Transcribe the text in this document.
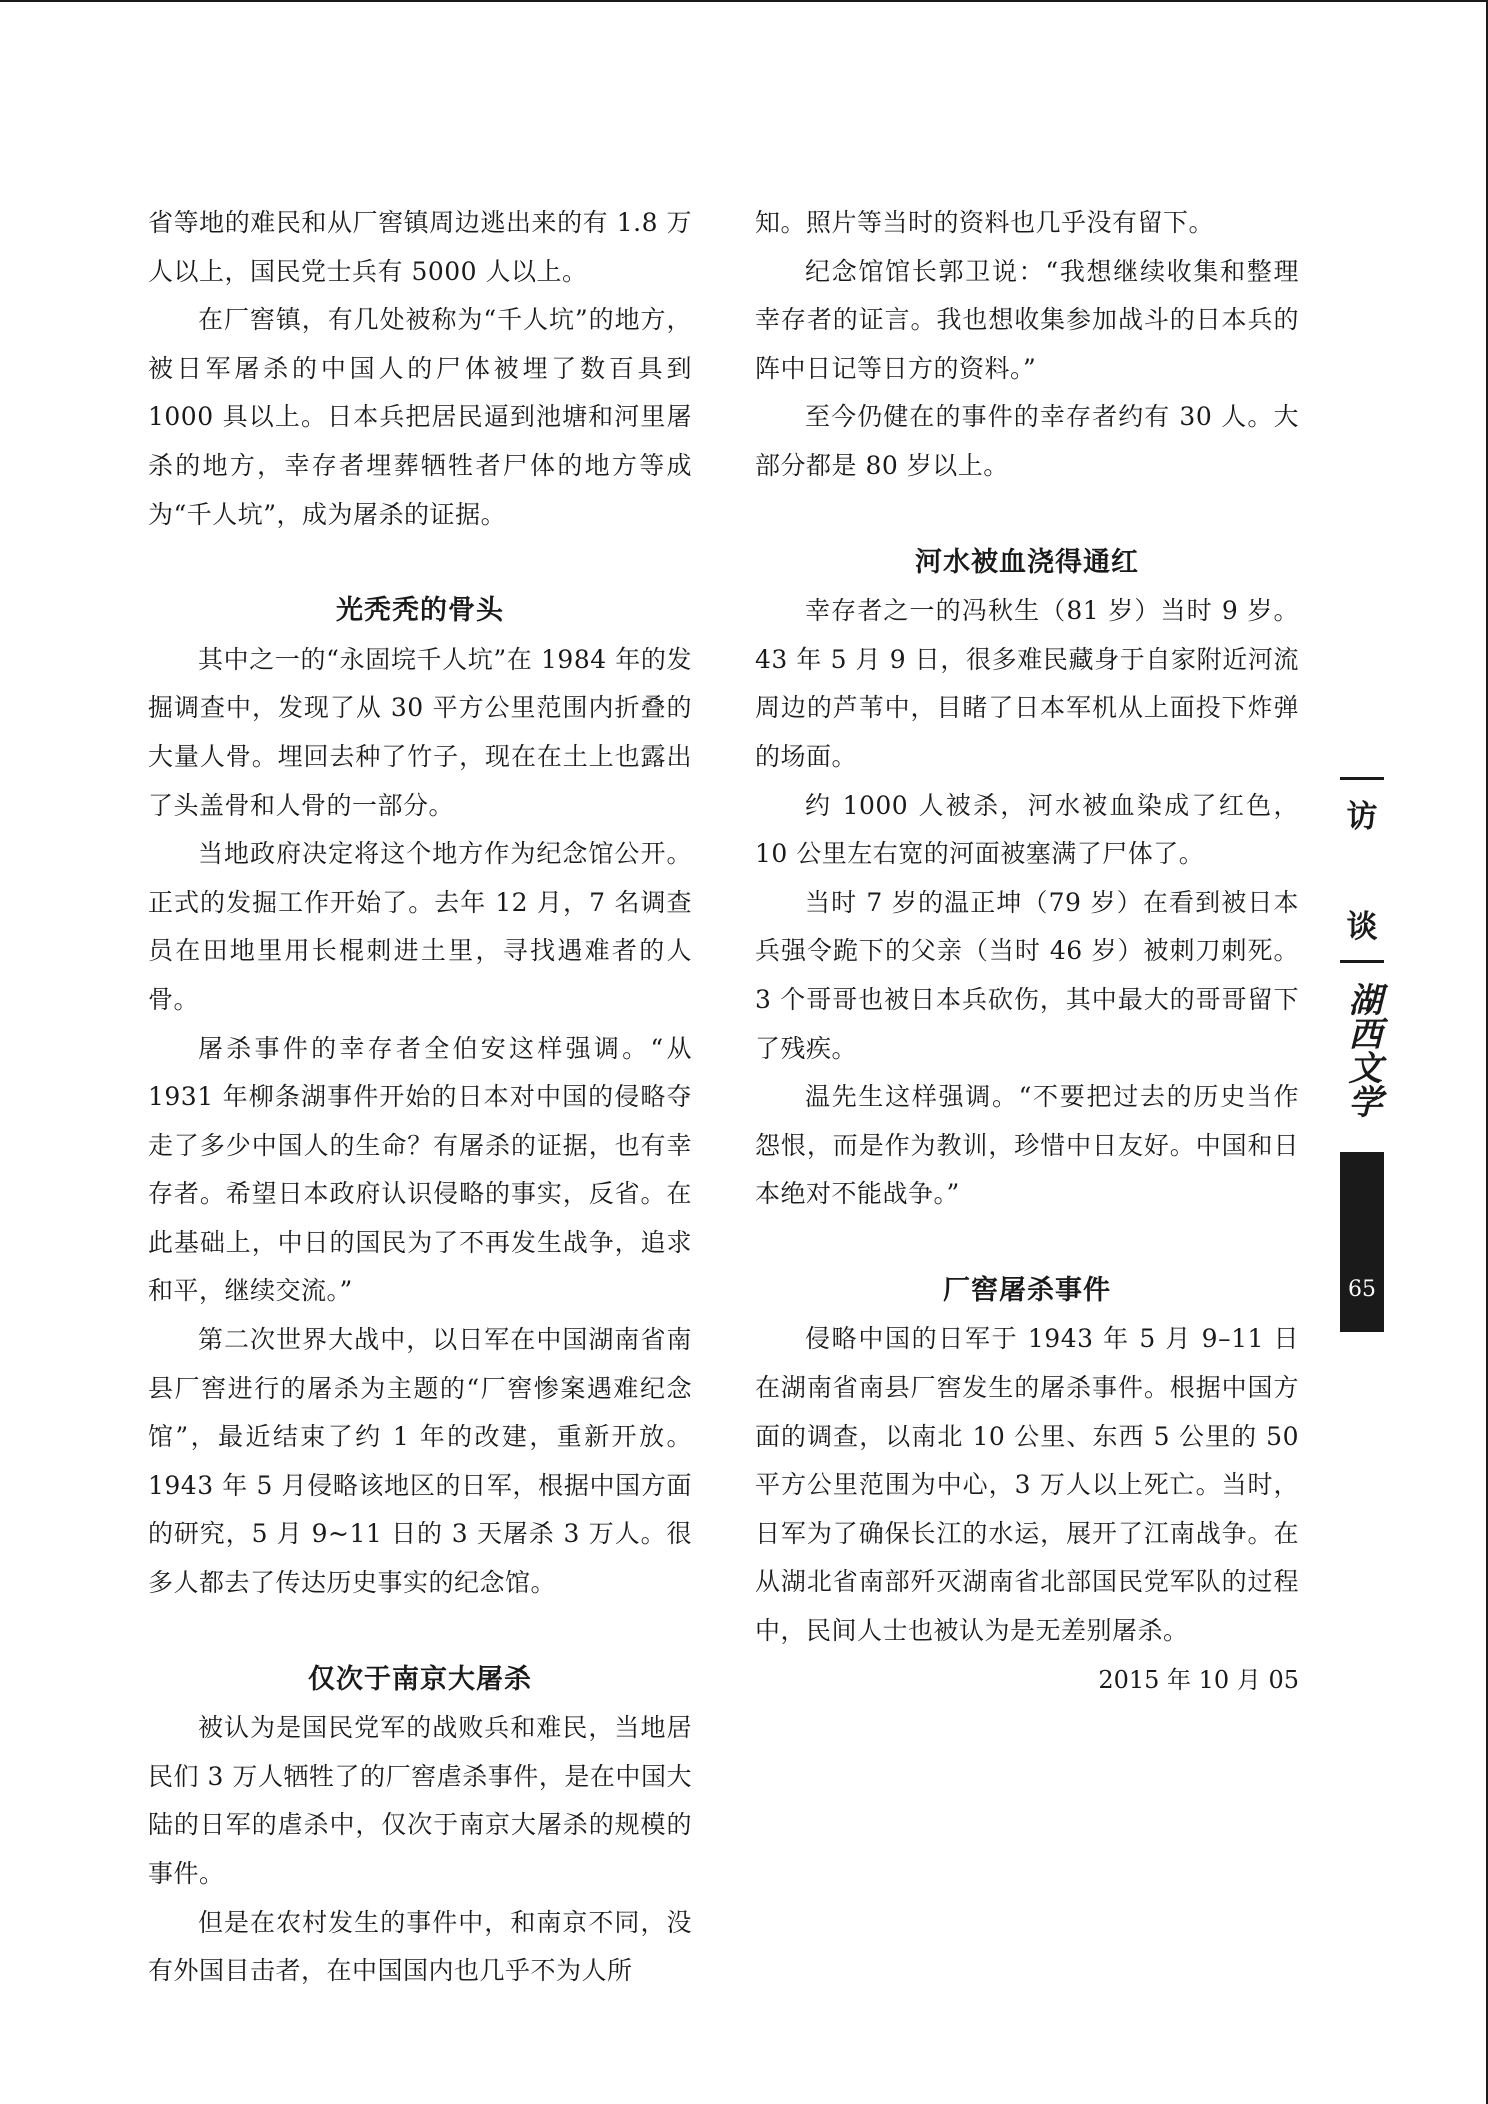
省等地的难民和从厂窖镇周边逃出来的有 1.8 万人以上，国民党士兵有 5000 人以上。

在厂窖镇，有几处被称为“千人坑”的地方，被日军屠杀的中国人的尸体被埋了数百具到 1000 具以上。日本兵把居民逼到池塘和河里屠杀的地方，幸存者埋葬牺牲者尸体的地方等成为“千人坑”，成为屠杀的证据。

光秃秃的骨头

其中之一的“永固垸千人坑”在 1984 年的发掘调查中，发现了从 30 平方公里范围内折叠的大量人骨。埋回去种了竹子，现在在土上也露出了头盖骨和人骨的一部分。

当地政府决定将这个地方作为纪念馆公开。正式的发掘工作开始了。去年 12 月，7 名调查员在田地里用长棍刺进土里，寻找遇难者的人骨。

屠杀事件的幸存者全伯安这样强调。“从 1931 年柳条湖事件开始的日本对中国的侵略夺走了多少中国人的生命？有屠杀的证据，也有幸存者。希望日本政府认识侵略的事实，反省。在此基础上，中日的国民为了不再发生战争，追求和平，继续交流。”

第二次世界大战中，以日军在中国湖南省南县厂窖进行的屠杀为主题的“厂窖惨案遇难纪念馆”，最近结束了约 1 年的改建，重新开放。1943 年 5 月侵略该地区的日军，根据中国方面的研究，5 月 9~11 日的 3 天屠杀 3 万人。很多人都去了传达历史事实的纪念馆。

仅次于南京大屠杀

被认为是国民党军的战败兵和难民，当地居民们 3 万人牺牲了的厂窖虐杀事件，是在中国大陆的日军的虐杀中，仅次于南京大屠杀的规模的事件。

但是在农村发生的事件中，和南京不同，没有外国目击者，在中国国内也几乎不为人所

知。照片等当时的资料也几乎没有留下。

纪念馆馆长郭卫说：“我想继续收集和整理幸存者的证言。我也想收集参加战斗的日本兵的阵中日记等日方的资料。”

至今仍健在的事件的幸存者约有 30 人。大部分都是 80 岁以上。

河水被血浇得通红

幸存者之一的冯秋生（81 岁）当时 9 岁。43 年 5 月 9 日，很多难民藏身于自家附近河流周边的芦苇中，目睹了日本军机从上面投下炸弹的场面。

约 1000 人被杀，河水被血染成了红色，10 公里左右宽的河面被塞满了尸体了。

当时 7 岁的温正坤（79 岁）在看到被日本兵强令跪下的父亲（当时 46 岁）被刺刀刺死。3 个哥哥也被日本兵砍伤，其中最大的哥哥留下了残疾。

温先生这样强调。“不要把过去的历史当作怨恨，而是作为教训，珍惜中日友好。中国和日本绝对不能战争。”

厂窖屠杀事件

侵略中国的日军于 1943 年 5 月 9–11 日在湖南省南县厂窖发生的屠杀事件。根据中国方面的调查，以南北 10 公里、东西 5 公里的 50 平方公里范围为中心，3 万人以上死亡。当时，日军为了确保长江的水运，展开了江南战争。在从湖北省南部歼灭湖南省北部国民党军队的过程中，民间人士也被认为是无差别屠杀。

2015 年 10 月 05

访
谈
湖西文学
65
